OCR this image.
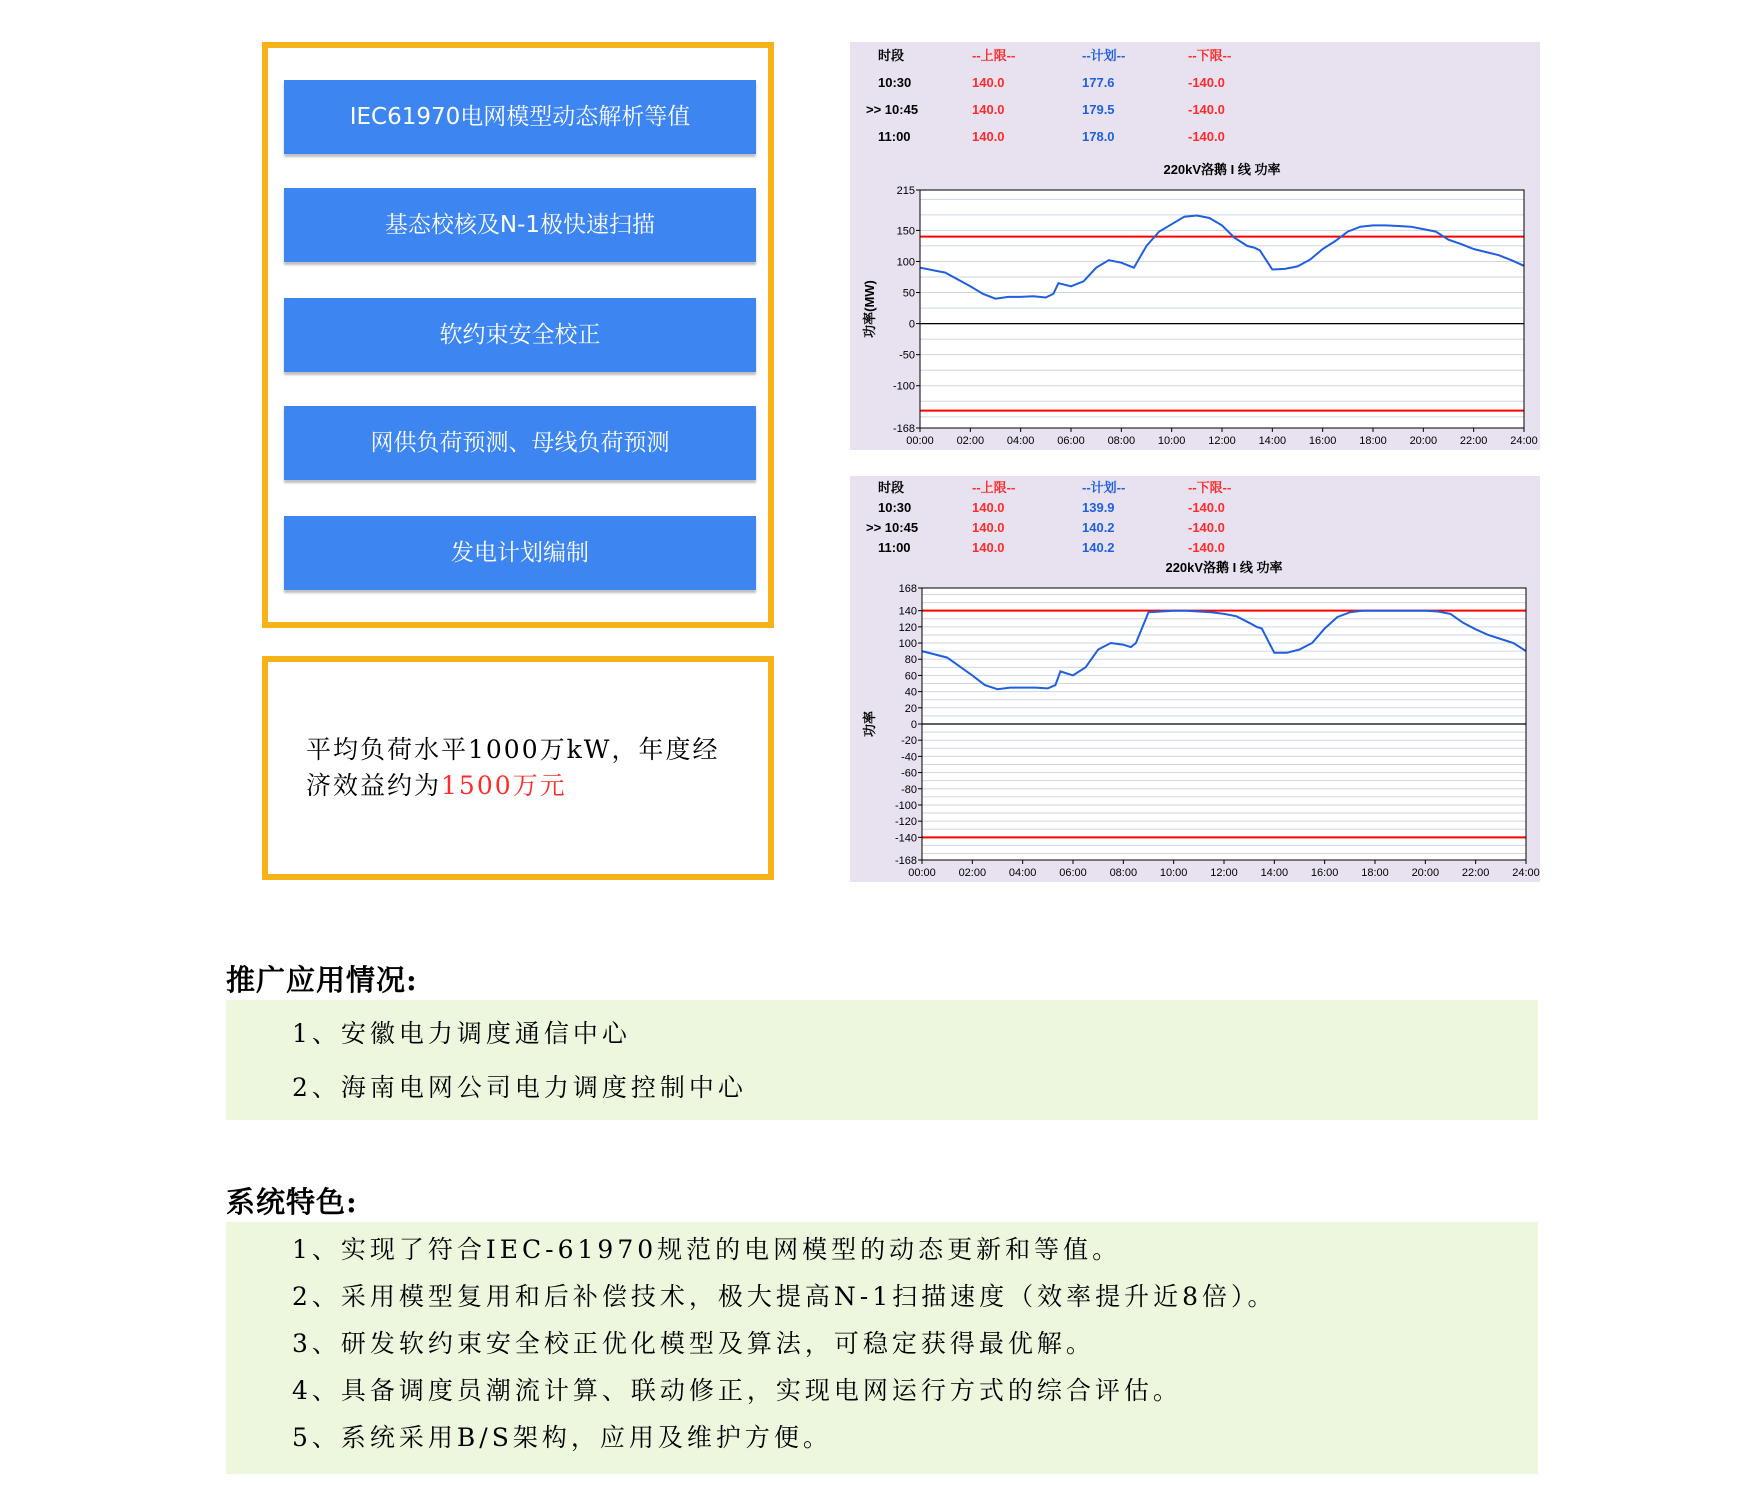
IEC61970电网模型动态解析等值
基态校核及N-1极快速扫描
软约束安全校正
网供负荷预测、母线负荷预测
发电计划编制
平均负荷水平1000万kW，年度经济效益约为1500万元
时段	--上限--	--计划--	--下限--
10:30	140.0	177.6	-140.0
>> 10:45	140.0	179.5	-140.0
11:00	140.0	178.0	-140.0
220kV洛鹅 I 线 功率
215
150
100
50
0
-50
-100
-168
00:00 02:00 04:00 06:00 08:00 10:00 12:00 14:00 16:00 18:00 20:00 22:00 24:00
功率(MW)
时段	--上限--	--计划--	--下限--
10:30	140.0	139.9	-140.0
>> 10:45	140.0	140.2	-140.0
11:00	140.0	140.2	-140.0
220kV洛鹅 I 线 功率
168
140
120
100
80
60
40
20
0
-20
-40
-60
-80
-100
-120
-140
-168
00:00 02:00 04:00 06:00 08:00 10:00 12:00 14:00 16:00 18:00 20:00 22:00 24:00
功率
推广应用情况:
1、安徽电力调度通信中心
2、海南电网公司电力调度控制中心
系统特色:
1、实现了符合IEC-61970规范的电网模型的动态更新和等值。
2、采用模型复用和后补偿技术，极大提高N-1扫描速度（效率提升近8倍）。
3、研发软约束安全校正优化模型及算法，可稳定获得最优解。
4、具备调度员潮流计算、联动修正，实现电网运行方式的综合评估。
5、系统采用B/S架构，应用及维护方便。
